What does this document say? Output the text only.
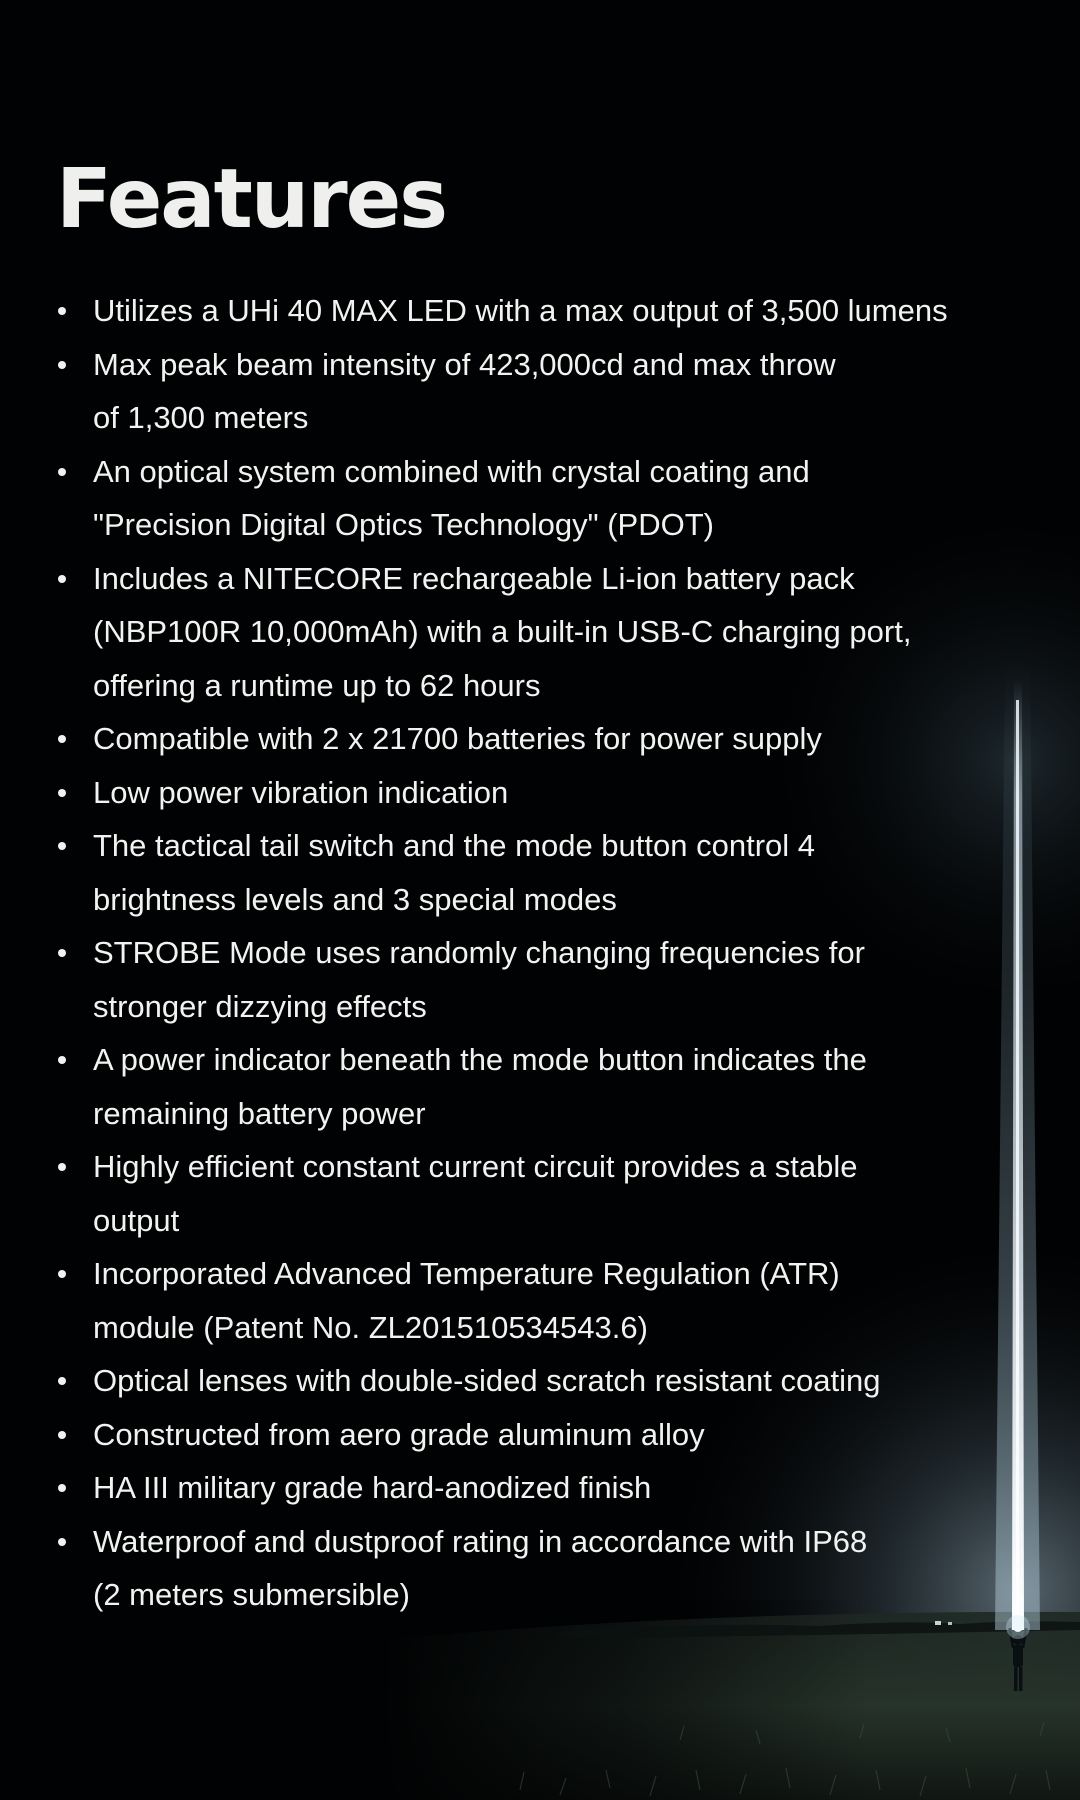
Features
Utilizes a UHi 40 MAX LED with a max output of 3,500 lumens
Max peak beam intensity of 423,000cd and max throw
of 1,300 meters
An optical system combined with crystal coating and
"Precision Digital Optics Technology" (PDOT)
Includes a NITECORE rechargeable Li-ion battery pack
(NBP100R 10,000mAh) with a built-in USB-C charging port,
offering a runtime up to 62 hours
Compatible with 2 x 21700 batteries for power supply
Low power vibration indication
The tactical tail switch and the mode button control 4
brightness levels and 3 special modes
STROBE Mode uses randomly changing frequencies for
stronger dizzying effects
A power indicator beneath the mode button indicates the
remaining battery power
Highly efficient constant current circuit provides a stable
output
Incorporated Advanced Temperature Regulation (ATR)
module (Patent No. ZL201510534543.6)
Optical lenses with double-sided scratch resistant coating
Constructed from aero grade aluminum alloy
HA III military grade hard-anodized finish
Waterproof and dustproof rating in accordance with IP68
(2 meters submersible)
